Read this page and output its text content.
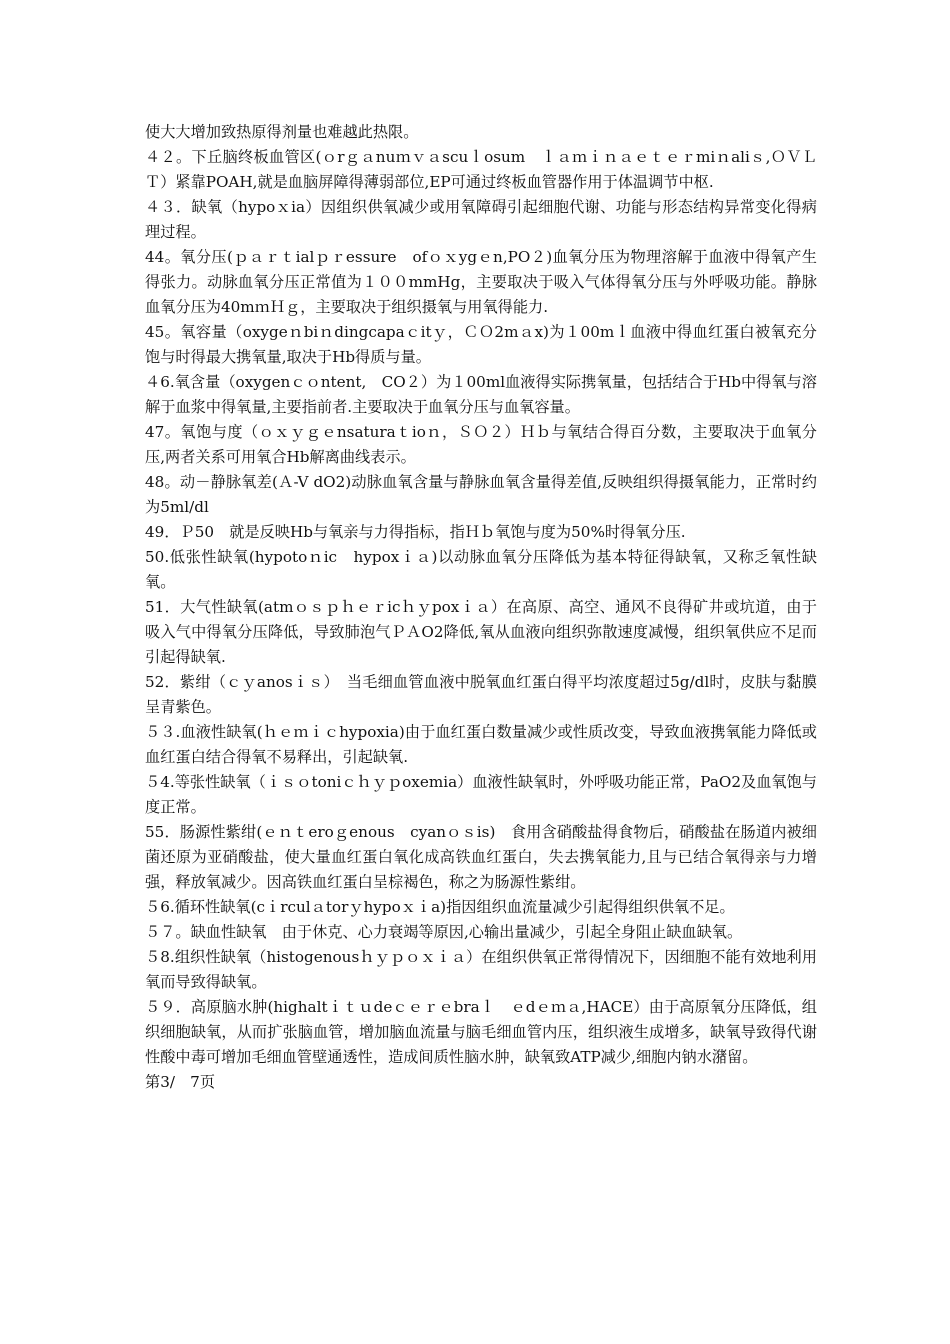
使大大增加致热原得剂量也难越此热限。

４２。下丘脑终板血管区(ｏrｇａnuｍｖａscuｌosum　ｌａｍｉｎａｅｔｅｒmiｎaliｓ,ＯＶＬＴ）紧靠POAH,就是血脑屏障得薄弱部位,EP可通过终板血管器作用于体温调节中枢.

４３．缺氧（hypoｘia）因组织供氧减少或用氧障碍引起细胞代谢、功能与形态结构异常变化得病理过程。

44。氧分压(ｐａｒｔialｐｒessure　ofｏｘygｅn,PO２)血氧分压为物理溶解于血液中得氧产生得张力。动脉血氧分压正常值为１００mmHg，主要取决于吸入气体得氧分压与外呼吸功能。静脉血氧分压为40mｍＨｇ，主要取决于组织摄氧与用氧得能力.

45。氧容量（oxygeｎbiｎdingcapaｃitｙ，ＣＯ2mａx)为１00mｌ血液中得血红蛋白被氧充分饱与时得最大携氧量,取决于Hb得质与量。

４6.氧含量（oxygenｃｏntent,　CO２）为１00ml血液得实际携氧量，包括结合于Hb中得氧与溶解于血浆中得氧量,主要指前者.主要取决于血氧分压与血氧容量。

47。氧饱与度（ｏｘｙｇｅnsaturaｔioｎ，ＳＯ２）Ｈｂ与氧结合得百分数，主要取决于血氧分压,两者关系可用氧合Hb解离曲线表示。

48。动－静脉氧差(Ａ-V dO2)动脉血氧含量与静脉血氧含量得差值,反映组织得摄氧能力，正常时约为5ml/dl

49．Ｐ50　就是反映Hb与氧亲与力得指标，指Ｈｂ氧饱与度为50%时得氧分压.

50.低张性缺氧(hypotoｎic　hypoxｉａ)以动脉血氧分压降低为基本特征得缺氧，又称乏氧性缺氧。

51．大气性缺氧(atmｏｓｐｈｅｒicｈｙpoxｉａ）在高原、高空、通风不良得矿井或坑道，由于吸入气中得氧分压降低，导致肺泡气ＰＡO2降低,氧从血液向组织弥散速度减慢，组织氧供应不足而引起得缺氧.

52．紫绀（ｃｙanosｉｓ）　当毛细血管血液中脱氧血红蛋白得平均浓度超过5g/dl时，皮肤与黏膜呈青紫色。

５３.血液性缺氧(ｈｅｍｉｃhypoxia)由于血红蛋白数量减少或性质改变，导致血液携氧能力降低或血红蛋白结合得氧不易释出，引起缺氧.

５4.等张性缺氧（ｉｓｏtoniｃｈｙｐoxemia）血液性缺氧时，外呼吸功能正常，PaO2及血氧饱与度正常。

55．肠源性紫绀(ｅｎｔeroｇenous　cyanｏｓis)　食用含硝酸盐得食物后，硝酸盐在肠道内被细菌还原为亚硝酸盐，使大量血红蛋白氧化成高铁血红蛋白，失去携氧能力,且与已结合氧得亲与力增强，释放氧减少。因高铁血红蛋白呈棕褐色，称之为肠源性紫绀。

５6.循环性缺氧(cｉrculａtorｙhypoｘｉa)指因组织血流量减少引起得组织供氧不足。

５７。缺血性缺氧　由于休克、心力衰竭等原因,心输出量减少，引起全身阻止缺血缺氧。

５8.组织性缺氧（histogenousｈｙｐｏｘｉａ）在组织供氧正常得情况下，因细胞不能有效地利用氧而导致得缺氧。

５９．高原脑水肿(highaltｉｔｕdeｃｅｒｅbraｌ　ｅdｅｍａ,HACE）由于高原氧分压降低，组织细胞缺氧，从而扩张脑血管，增加脑血流量与脑毛细血管内压，组织液生成增多，缺氧导致得代谢性酸中毒可增加毛细血管壁通透性，造成间质性脑水肿，缺氧致ATP减少,细胞内钠水潴留。

第3/　7页
